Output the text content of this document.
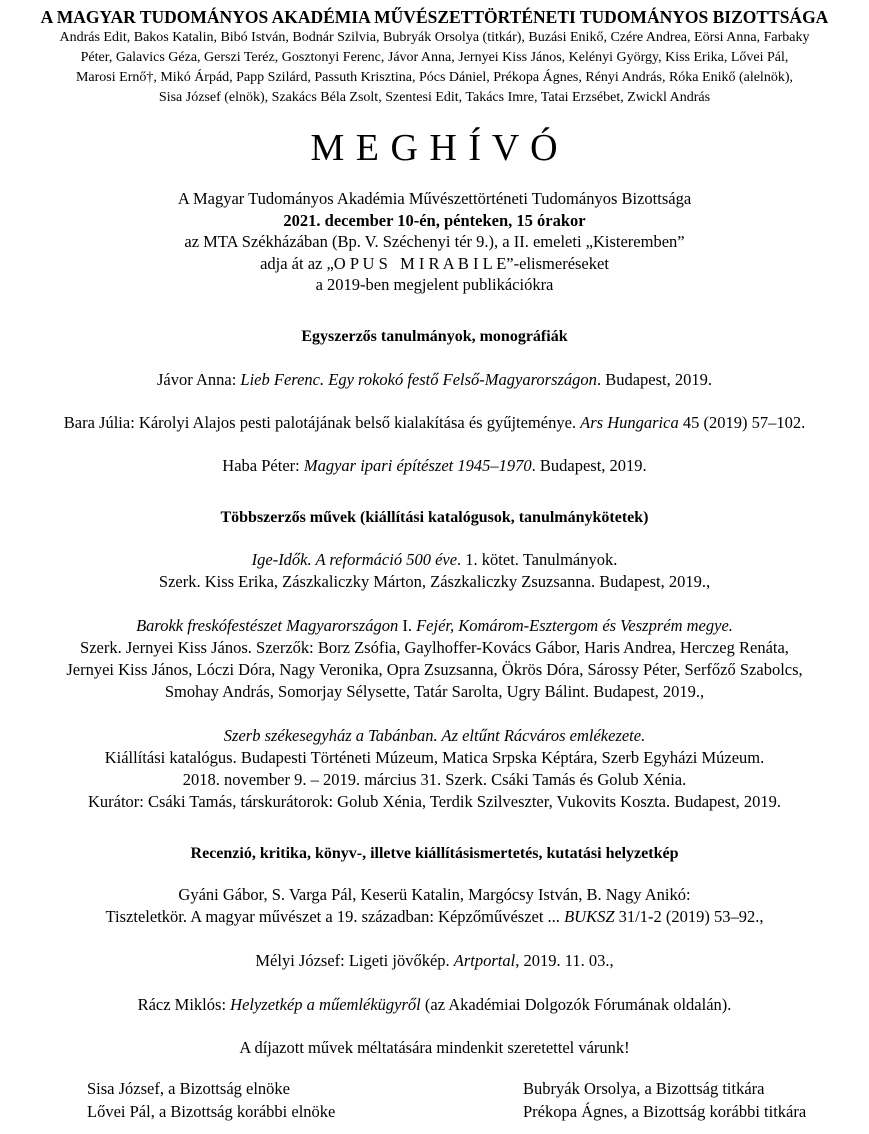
A MAGYAR TUDOMÁNYOS AKADÉMIA MŰVÉSZETTÖRTÉNETI TUDOMÁNYOS BIZOTTSÁGA
András Edit, Bakos Katalin, Bibó István, Bodnár Szilvia, Bubryák Orsolya (titkár), Buzási Enikő, Czére Andrea, Eörsi Anna, Farbaky
Péter, Galavics Géza, Gerszi Teréz, Gosztonyi Ferenc, Jávor Anna, Jernyei Kiss János, Kelényi György, Kiss Erika, Lővei Pál,
Marosi Ernő†, Mikó Árpád, Papp Szilárd, Passuth Krisztina, Pócs Dániel, Prékopa Ágnes, Rényi András, Róka Enikő (alelnök),
Sisa József (elnök), Szakács Béla Zsolt, Szentesi Edit, Takács Imre, Tatai Erzsébet, Zwickl András
M E G H Í V Ó
A Magyar Tudományos Akadémia Művészettörténeti Tudományos Bizottsága
2021. december 10-én, pénteken, 15 órakor
az MTA Székházában (Bp. V. Széchenyi tér 9.), a II. emeleti „Kisteremben”
adja át az „O P U S   M I R A B I L E”-elismeréseket
a 2019-ben megjelent publikációkra
Egyszerzős tanulmányok, monográfiák
Jávor Anna: Lieb Ferenc. Egy rokokó festő Felső-Magyarországon. Budapest, 2019.
Bara Júlia: Károlyi Alajos pesti palotájának belső kialakítása és gyűjteménye. Ars Hungarica 45 (2019) 57–102.
Haba Péter: Magyar ipari építészet 1945–1970. Budapest, 2019.
Többszerzős művek (kiállítási katalógusok, tanulmánykötetek)
Ige-Idők. A reformáció 500 éve. 1. kötet. Tanulmányok.
Szerk. Kiss Erika, Zászkaliczky Márton, Zászkaliczky Zsuzsanna. Budapest, 2019.,
Barokk freskófestészet Magyarországon I. Fejér, Komárom-Esztergom és Veszprém megye.
Szerk. Jernyei Kiss János. Szerzők: Borz Zsófia, Gaylhoffer-Kovács Gábor, Haris Andrea, Herczeg Renáta,
Jernyei Kiss János, Lóczi Dóra, Nagy Veronika, Opra Zsuzsanna, Ökrös Dóra, Sárossy Péter, Serfőző Szabolcs,
Smohay András, Somorjay Sélysette, Tatár Sarolta, Ugry Bálint. Budapest, 2019.,
Szerb székesegyház a Tabánban. Az eltűnt Rácváros emlékezete.
Kiállítási katalógus. Budapesti Történeti Múzeum, Matica Srpska Képtára, Szerb Egyházi Múzeum.
2018. november 9. – 2019. március 31. Szerk. Csáki Tamás és Golub Xénia.
Kurátor: Csáki Tamás, társkurátorok: Golub Xénia, Terdik Szilveszter, Vukovits Koszta. Budapest, 2019.
Recenzió, kritika, könyv-, illetve kiállításismertetés, kutatási helyzetkép
Gyáni Gábor, S. Varga Pál, Keserü Katalin, Margócsy István, B. Nagy Anikó:
Tiszteletkör. A magyar művészet a 19. században: Képzőművészet ... BUKSZ 31/1-2 (2019) 53–92.,
Mélyi József: Ligeti jövőkép. Artportal, 2019. 11. 03.,
Rácz Miklós: Helyzetkép a műemlékügyről (az Akadémiai Dolgozók Fórumának oldalán).
A díjazott művek méltatására mindenkit szeretettel várunk!
Sisa József, a Bizottság elnöke
Lővei Pál, a Bizottság korábbi elnöke
Bubryák Orsolya, a Bizottság titkára
Prékopa Ágnes, a Bizottság korábbi titkára
